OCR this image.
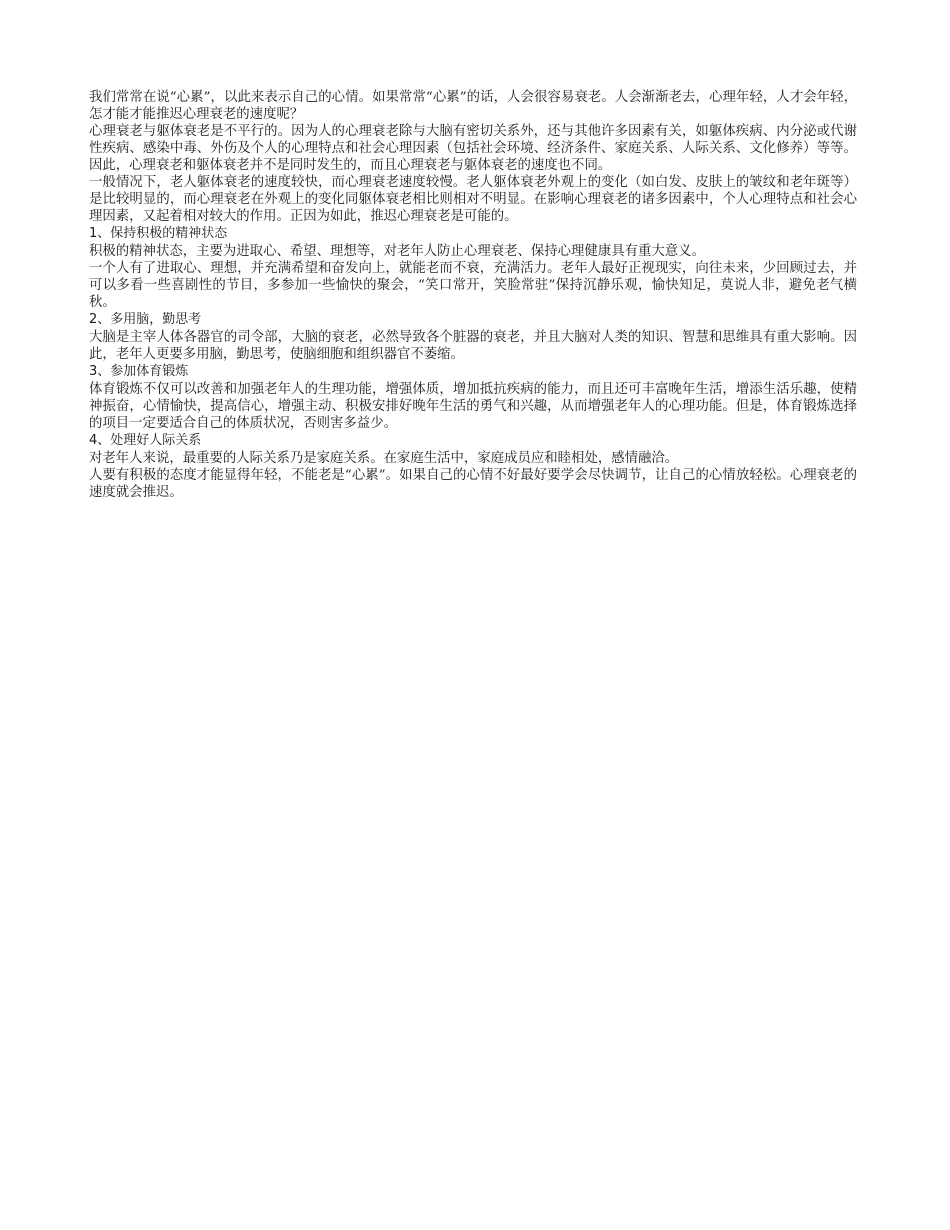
我们常常在说“心累”，以此来表示自己的心情。如果常常“心累”的话，人会很容易衰老。人会渐渐老去，心理年轻，人才会年轻，怎才能才能推迟心理衰老的速度呢？

心理衰老与躯体衰老是不平行的。因为人的心理衰老除与大脑有密切关系外，还与其他许多因素有关，如躯体疾病、内分泌或代谢性疾病、感染中毒、外伤及个人的心理特点和社会心理因素（包括社会环境、经济条件、家庭关系、人际关系、文化修养）等等。因此，心理衰老和躯体衰老并不是同时发生的，而且心理衰老与躯体衰老的速度也不同。

一般情况下，老人躯体衰老的速度较快，而心理衰老速度较慢。老人躯体衰老外观上的变化（如白发、皮肤上的皱纹和老年斑等）是比较明显的，而心理衰老在外观上的变化同躯体衰老相比则相对不明显。在影响心理衰老的诸多因素中，个人心理特点和社会心理因素，又起着相对较大的作用。正因为如此，推迟心理衰老是可能的。

1、保持积极的精神状态

积极的精神状态，主要为进取心、希望、理想等，对老年人防止心理衰老、保持心理健康具有重大意义。

一个人有了进取心、理想，并充满希望和奋发向上，就能老而不衰，充满活力。老年人最好正视现实，向往未来，少回顾过去，并可以多看一些喜剧性的节目，多参加一些愉快的聚会，“笑口常开，笑脸常驻”保持沉静乐观，愉快知足，莫说人非，避免老气横秋。

2、多用脑，勤思考

大脑是主宰人体各器官的司令部，大脑的衰老，必然导致各个脏器的衰老，并且大脑对人类的知识、智慧和思维具有重大影响。因此，老年人更要多用脑，勤思考，使脑细胞和组织器官不萎缩。

3、参加体育锻炼

体育锻炼不仅可以改善和加强老年人的生理功能，增强体质，增加抵抗疾病的能力，而且还可丰富晚年生活，增添生活乐趣，使精神振奋，心情愉快，提高信心，增强主动、积极安排好晚年生活的勇气和兴趣，从而增强老年人的心理功能。但是，体育锻炼选择的项目一定要适合自己的体质状况，否则害多益少。

4、处理好人际关系

对老年人来说，最重要的人际关系乃是家庭关系。在家庭生活中，家庭成员应和睦相处，感情融洽。

人要有积极的态度才能显得年轻，不能老是“心累”。如果自己的心情不好最好要学会尽快调节，让自己的心情放轻松。心理衰老的速度就会推迟。
